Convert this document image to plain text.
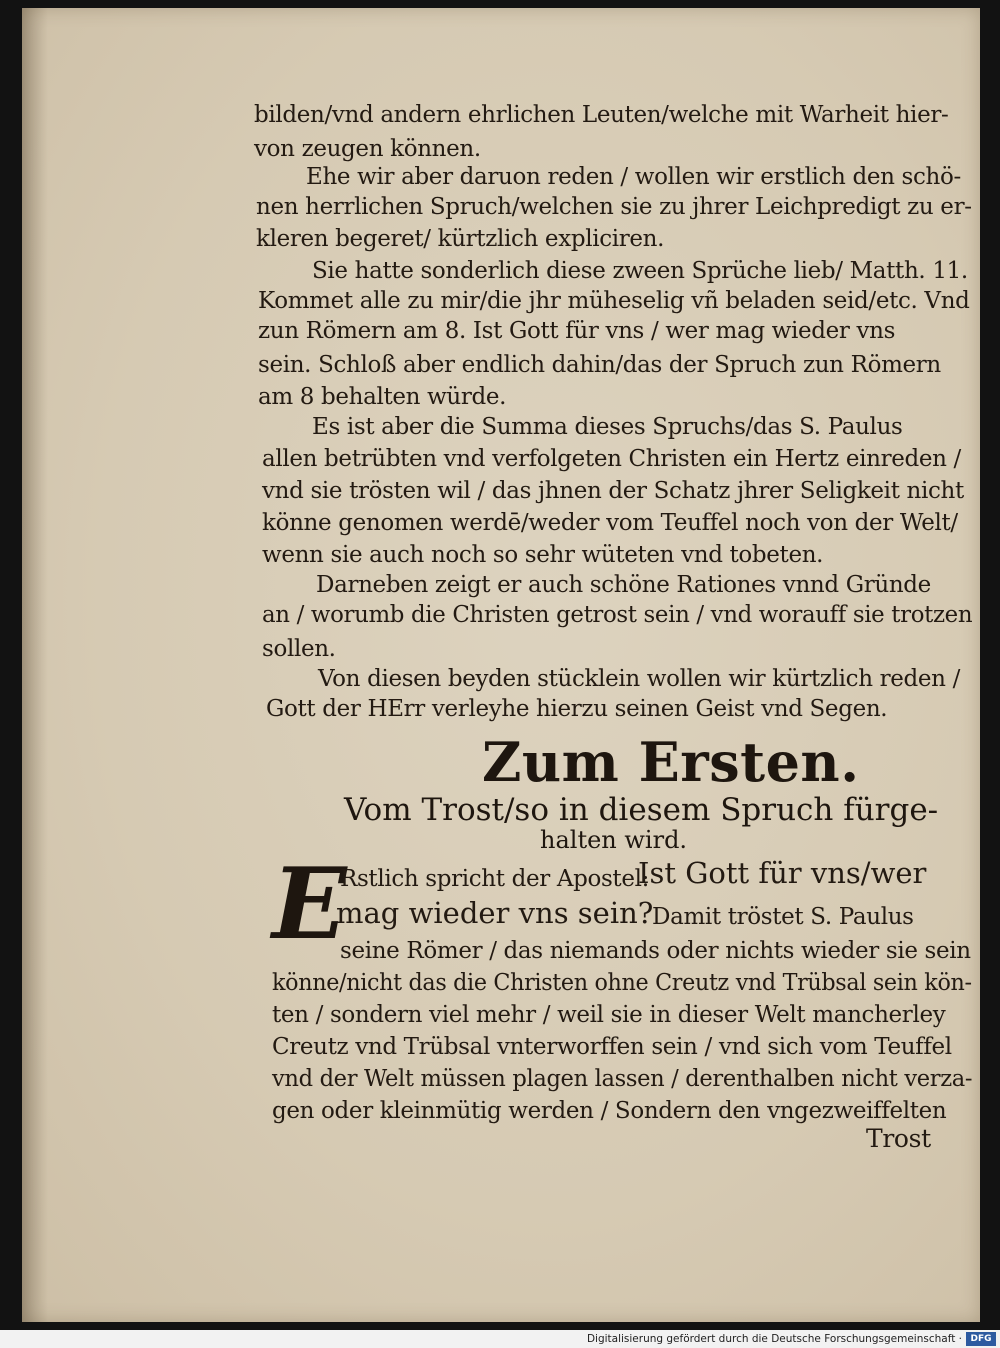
bilden/vnd andern ehrlichen Leuten/welche mit Warheit hier-
von zeugen können.
Ehe wir aber daruon reden / wollen wir erstlich den schö-
nen herrlichen Spruch/welchen sie zu jhrer Leichpredigt zu er-
kleren begeret/ kürtzlich expliciren.
Sie hatte sonderlich diese zween Sprüche lieb/ Matth. 11.
Kommet alle zu mir/die jhr müheselig vñ beladen seid/etc. Vnd
zun Römern am 8. Ist Gott für vns / wer mag wieder vns
sein. Schloß aber endlich dahin/das der Spruch zun Römern
am 8 behalten würde.
Es ist aber die Summa dieses Spruchs/das S. Paulus
allen betrübten vnd verfolgeten Christen ein Hertz einreden /
vnd sie trösten wil / das jhnen der Schatz jhrer Seligkeit nicht
könne genomen werdē/weder vom Teuffel noch von der Welt/
wenn sie auch noch so sehr wüteten vnd tobeten.
Darneben zeigt er auch schöne Rationes vnnd Gründe
an / worumb die Christen getrost sein / vnd worauff sie trotzen
sollen.
Von diesen beyden stücklein wollen wir kürtzlich reden /
Gott der HErr verleyhe hierzu seinen Geist vnd Segen.
Zum Ersten.
Vom Trost/so in diesem Spruch fürge-
halten wird.
E
Rstlich spricht der Apostel:
Ist Gott für vns/wer
mag wieder vns sein?
Damit tröstet S. Paulus
seine Römer / das niemands oder nichts wieder sie sein
könne/nicht das die Christen ohne Creutz vnd Trübsal sein kön-
ten / sondern viel mehr / weil sie in dieser Welt mancherley
Creutz vnd Trübsal vnterworffen sein / vnd sich vom Teuffel
vnd der Welt müssen plagen lassen / derenthalben nicht verza-
gen oder kleinmütig werden / Sondern den vngezweiffelten
Trost
Digitalisierung gefördert durch die Deutsche Forschungsgemeinschaft · DFG
